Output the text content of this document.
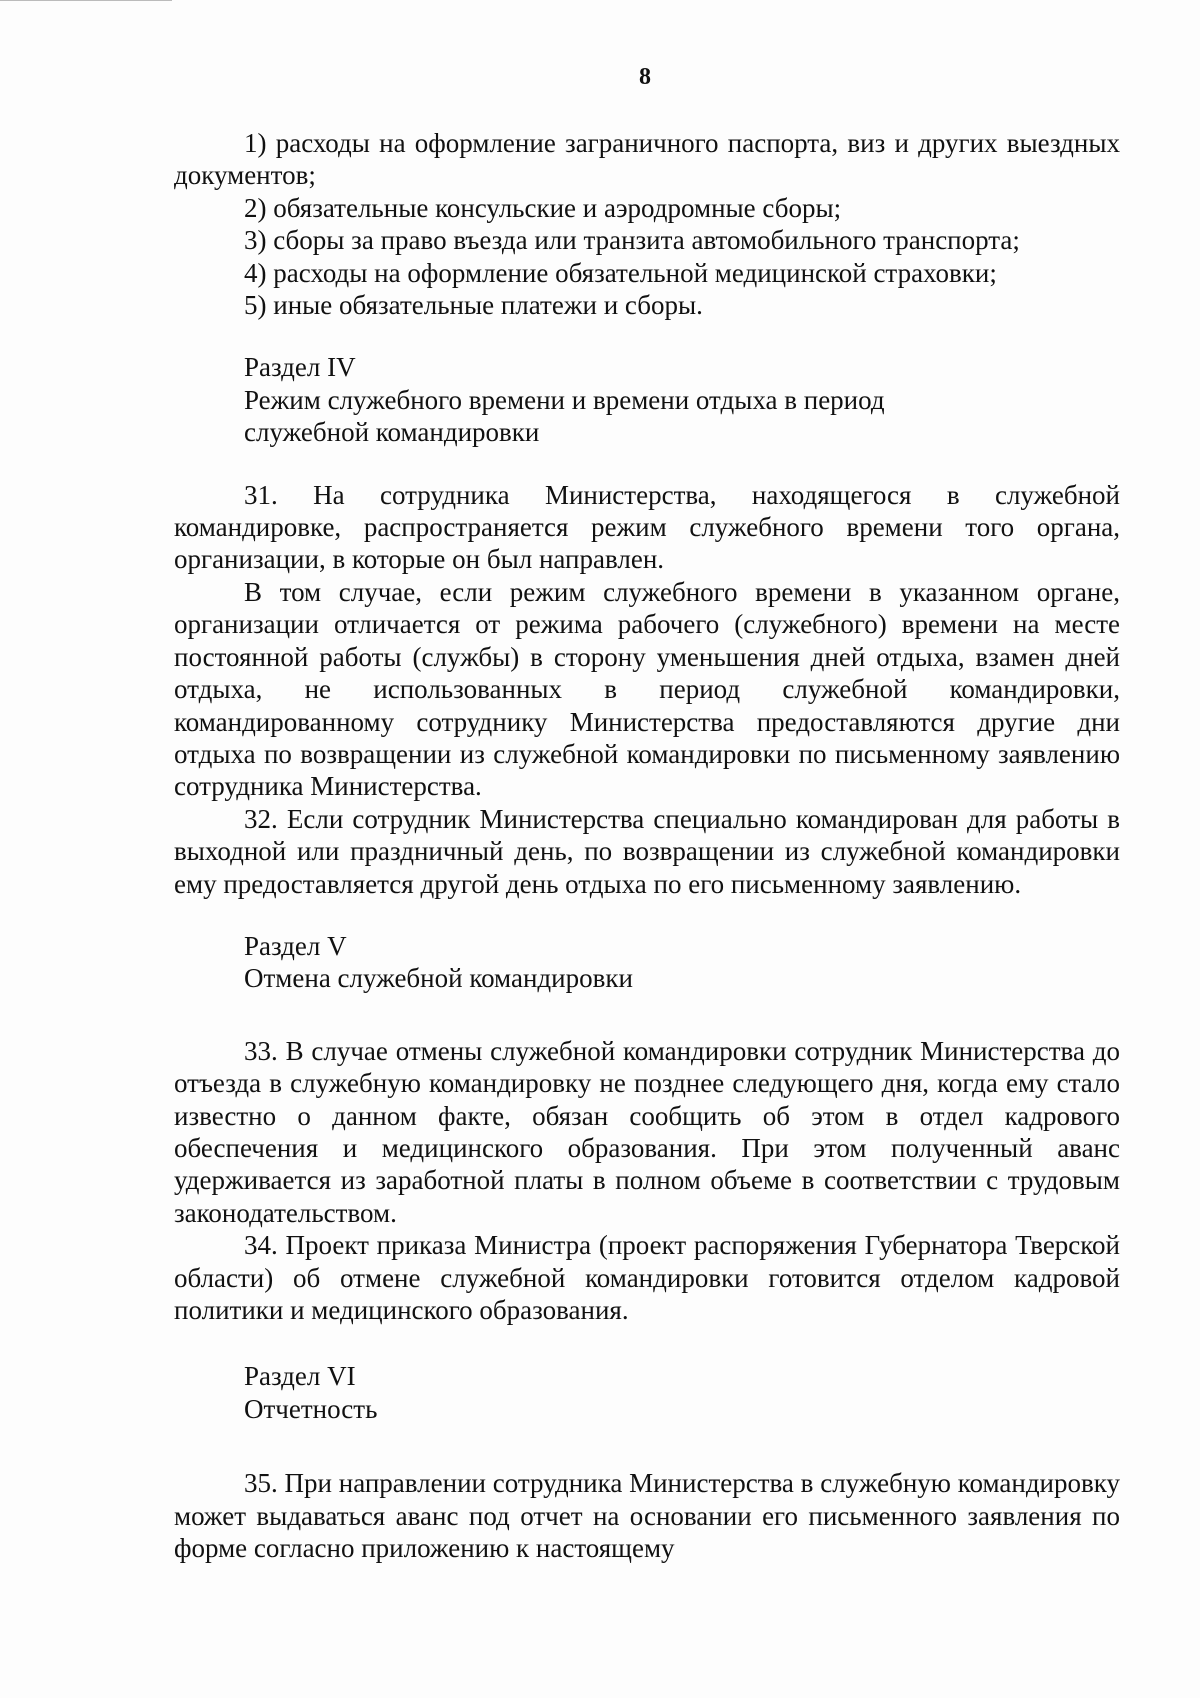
8

1) расходы на оформление заграничного паспорта, виз и других выездных документов;

2) обязательные консульские и аэродромные сборы;

3) сборы за право въезда или транзита автомобильного транспорта;

4) расходы на оформление обязательной медицинской страховки;

5) иные обязательные платежи и сборы.

Раздел IV

Режим служебного времени и времени отдыха в период

служебной командировки

31. На сотрудника Министерства, находящегося в служебной командировке, распространяется режим служебного времени того органа, организации, в которые он был направлен.

В том случае, если режим служебного времени в указанном органе, организации отличается от режима рабочего (служебного) времени на месте постоянной работы (службы) в сторону уменьшения дней отдыха, взамен дней отдыха, не использованных в период служебной командировки, командированному сотруднику Министерства предоставляются другие дни отдыха по возвращении из служебной командировки по письменному заявлению сотрудника Министерства.

32. Если сотрудник Министерства специально командирован для работы в выходной или праздничный день, по возвращении из служебной командировки ему предоставляется другой день отдыха по его письменному заявлению.

Раздел V

Отмена служебной командировки

33. В случае отмены служебной командировки сотрудник Министерства до отъезда в служебную командировку не позднее следующего дня, когда ему стало известно о данном факте, обязан сообщить об этом в отдел кадрового обеспечения и медицинского образования. При этом полученный аванс удерживается из заработной платы в полном объеме в соответствии с трудовым законодательством.

34. Проект приказа Министра (проект распоряжения Губернатора Тверской области) об отмене служебной командировки готовится отделом кадровой политики и медицинского образования.

Раздел VI

Отчетность

35. При направлении сотрудника Министерства в служебную командировку может выдаваться аванс под отчет на основании его письменного заявления по форме согласно приложению к настоящему
